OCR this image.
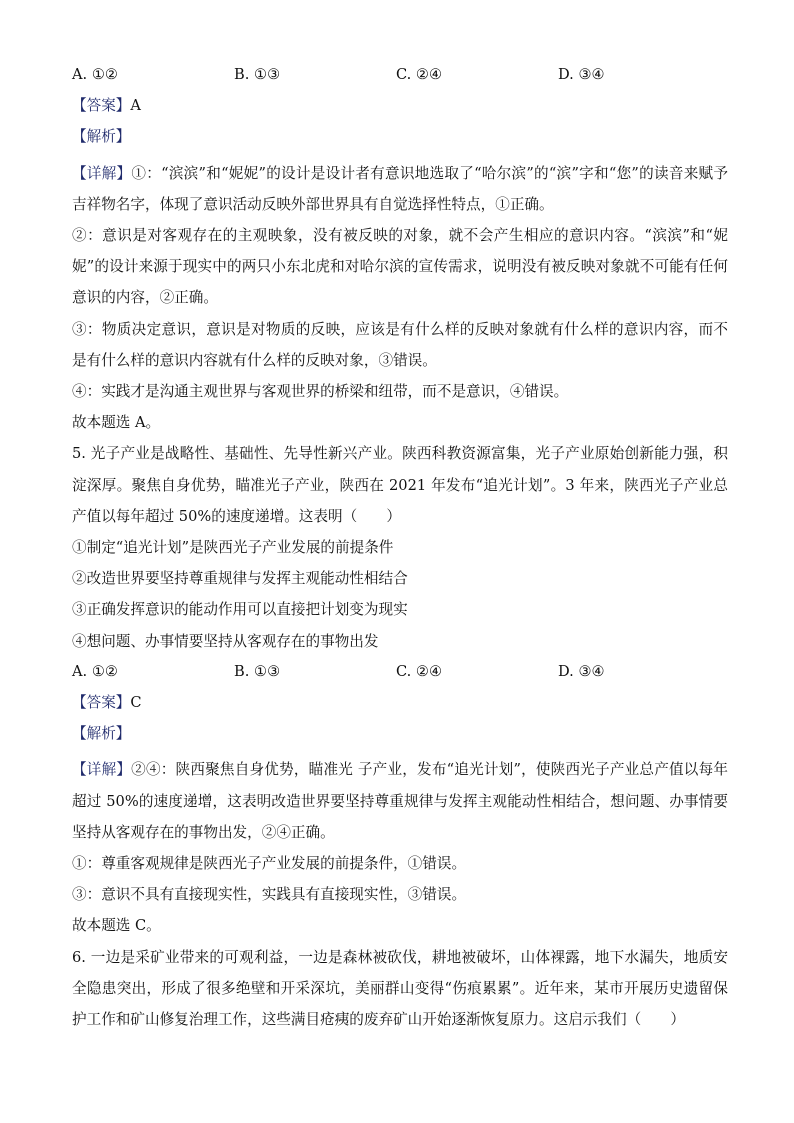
A. ①②	B. ①③	C. ②④	D. ③④
【答案】A
【解析】
【详解】①：“滨滨”和“妮妮”的设计是设计者有意识地选取了“哈尔滨”的“滨”字和“您”的读音来赋予吉祥物名字，体现了意识活动反映外部世界具有自觉选择性特点，①正确。
②：意识是对客观存在的主观映象，没有被反映的对象，就不会产生相应的意识内容。“滨滨”和“妮妮”的设计来源于现实中的两只小东北虎和对哈尔滨的宣传需求，说明没有被反映对象就不可能有任何意识的内容，②正确。
③：物质决定意识，意识是对物质的反映，应该是有什么样的反映对象就有什么样的意识内容，而不是有什么样的意识内容就有什么样的反映对象，③错误。
④：实践才是沟通主观世界与客观世界的桥梁和纽带，而不是意识，④错误。
故本题选 A。
5. 光子产业是战略性、基础性、先导性新兴产业。陕西科教资源富集，光子产业原始创新能力强，积淀深厚。聚焦自身优势，瞄准光子产业，陕西在 2021 年发布“追光计划”。3 年来，陕西光子产业总产值以每年超过 50%的速度递增。这表明（　　）
①制定“追光计划”是陕西光子产业发展的前提条件
②改造世界要坚持尊重规律与发挥主观能动性相结合
③正确发挥意识的能动作用可以直接把计划变为现实
④想问题、办事情要坚持从客观存在的事物出发
A. ①②	B. ①③	C. ②④	D. ③④
【答案】C
【解析】
【详解】②④：陕西聚焦自身优势，瞄准光 子产业，发布“追光计划”，使陕西光子产业总产值以每年超过 50%的速度递增，这表明改造世界要坚持尊重规律与发挥主观能动性相结合，想问题、办事情要坚持从客观存在的事物出发，②④正确。
①：尊重客观规律是陕西光子产业发展的前提条件，①错误。
③：意识不具有直接现实性，实践具有直接现实性，③错误。
故本题选 C。
6. 一边是采矿业带来的可观利益，一边是森林被砍伐，耕地被破坏，山体裸露，地下水漏失，地质安全隐患突出，形成了很多绝壁和开采深坑，美丽群山变得“伤痕累累”。近年来，某市开展历史遗留保护工作和矿山修复治理工作，这些满目疮痍的废弃矿山开始逐渐恢复原力。这启示我们（　　）
